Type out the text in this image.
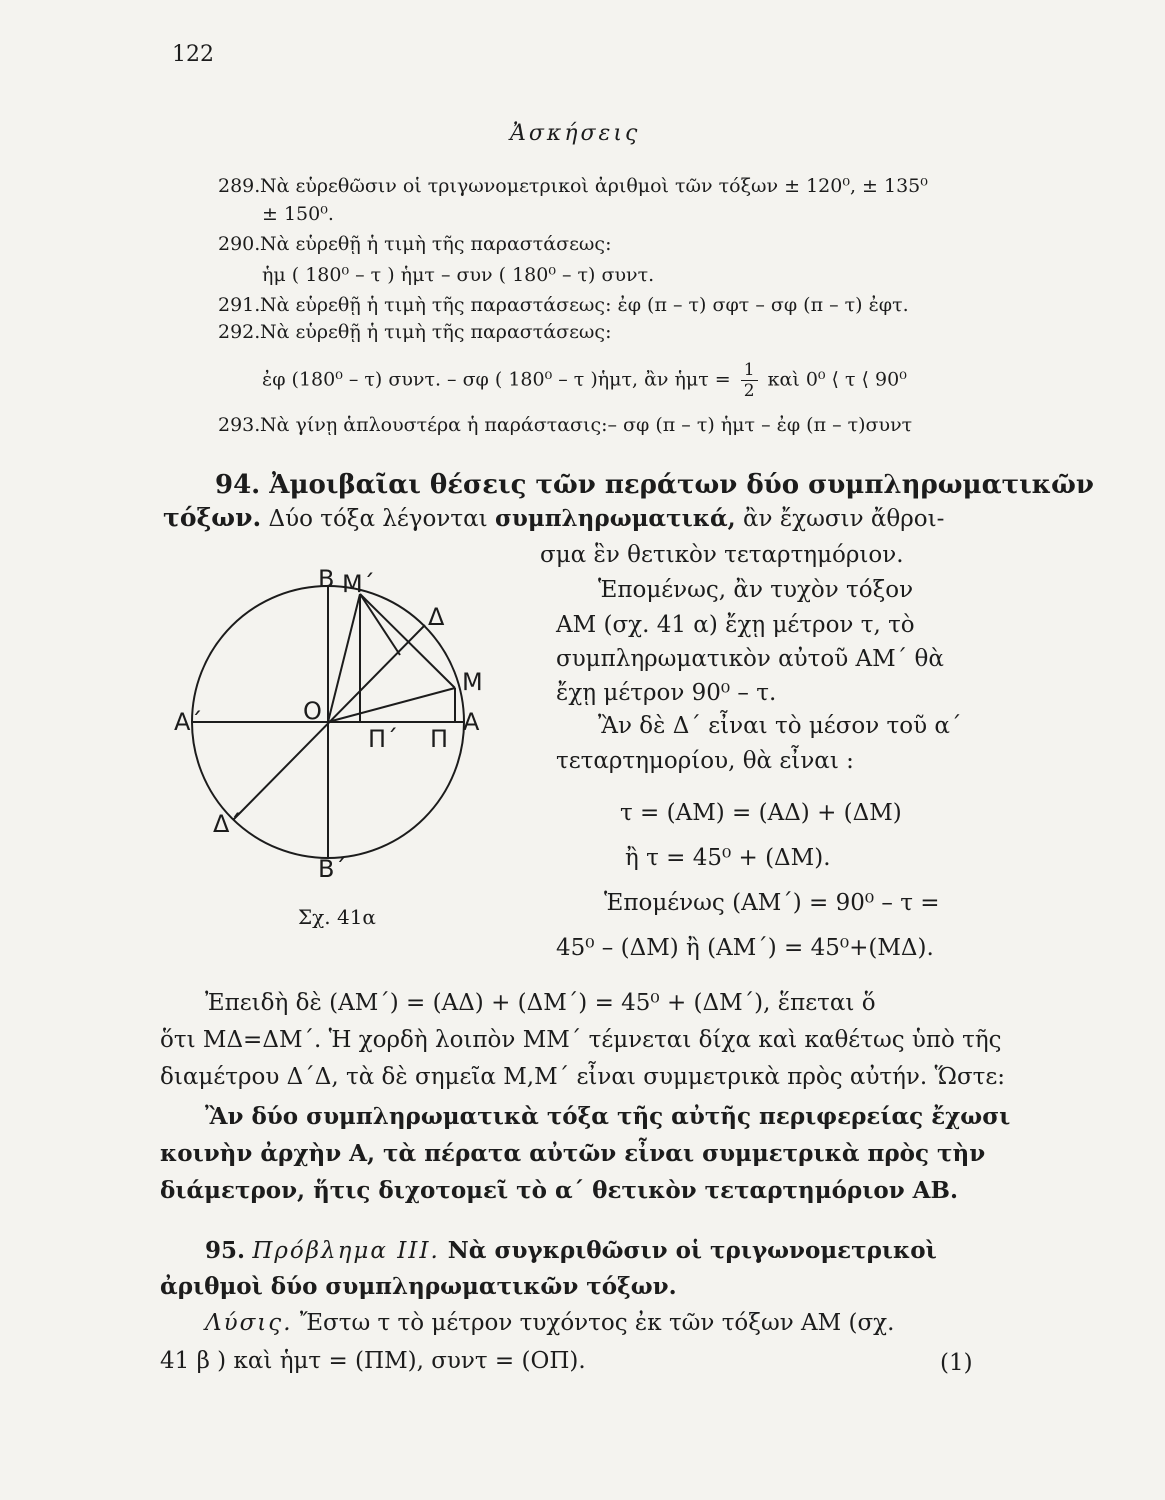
122
Ἀσκήσεις
289.Νὰ εὑρεθῶσιν οἱ τριγωνομετρικοὶ ἀριθμοὶ τῶν τόξων ± 120⁰, ± 135⁰
± 150⁰.
290.Νὰ εὑρεθῇ ἡ τιμὴ τῆς παραστάσεως:
ἡμ ( 180⁰ – τ ) ἡμτ – συν ( 180⁰ – τ) συντ.
291.Νὰ εὑρεθῇ ἡ τιμὴ τῆς παραστάσεως: ἐφ (π – τ) σφτ – σφ (π – τ) ἐφτ.
292.Νὰ εὑρεθῇ ἡ τιμὴ τῆς παραστάσεως:
ἐφ (180⁰ – τ) συντ. – σφ ( 180⁰ – τ )ἡμτ, ἂν ἡμτ = $\frac{1}{2}$ καὶ 0⁰ ⟨ τ ⟨ 90⁰
293.Νὰ γίνῃ ἁπλουστέρα ἡ παράστασις:– σφ (π – τ) ἡμτ – ἐφ (π – τ)συντ
94. Ἀμοιβαῖαι θέσεις τῶν περάτων δύο συμπληρωματικῶν
τόξων. Δύο τόξα λέγονται συμπληρωματικά, ἂν ἔχωσιν ἄθροι-
σμα ἓν θετικὸν τεταρτημόριον.
Ἑπομένως, ἂν τυχὸν τόξον
ΑΜ (σχ. 41 α) ἔχῃ μέτρον τ, τὸ
συμπληρωματικὸν αὐτοῦ ΑΜ΄ θὰ
ἔχῃ μέτρον 90⁰ – τ.
Ἂν δὲ Δ΄ εἶναι τὸ μέσον τοῦ α΄
τεταρτημορίου, θὰ εἶναι :
τ = (ΑΜ) = (ΑΔ) + (ΔΜ)
ἢ τ = 45⁰ + (ΔΜ).
Ἑπομένως (ΑΜ΄) = 90⁰ – τ =
45⁰ – (ΔΜ) ἢ (ΑΜ΄) = 45⁰+(ΜΔ).
Β Μ΄
Δ
Μ
Ο	Α
Α΄
Π΄ Π
Δ΄
Β΄
Σχ. 41α
Ἐπειδὴ δὲ (ΑΜ΄) = (ΑΔ) + (ΔΜ΄) = 45⁰ + (ΔΜ΄), ἕπεται ὅ
ὅτι ΜΔ=ΔΜ΄. Ἡ χορδὴ λοιπὸν ΜΜ΄ τέμνεται δίχα καὶ καθέτως ὑπὸ τῆς
διαμέτρου Δ΄Δ, τὰ δὲ σημεῖα Μ,Μ΄ εἶναι συμμετρικὰ πρὸς αὐτήν. Ὥστε:
Ἂν δύο συμπληρωματικὰ τόξα τῆς αὐτῆς περιφερείας ἔχωσι
κοινὴν ἀρχὴν Α, τὰ πέρατα αὐτῶν εἶναι συμμετρικὰ πρὸς τὴν
διάμετρον, ἥτις διχοτομεῖ τὸ α΄ θετικὸν τεταρτημόριον ΑΒ.
95. Πρόβλημα ΙΙΙ. Νὰ συγκριθῶσιν οἱ τριγωνομετρικοὶ
ἀριθμοὶ δύο συμπληρωματικῶν τόξων.
Λύσις. Ἔστω τ τὸ μέτρον τυχόντος ἐκ τῶν τόξων ΑΜ (σχ.
41 β ) καὶ ἡμτ = (ΠΜ), συντ = (ΟΠ).	(1)
